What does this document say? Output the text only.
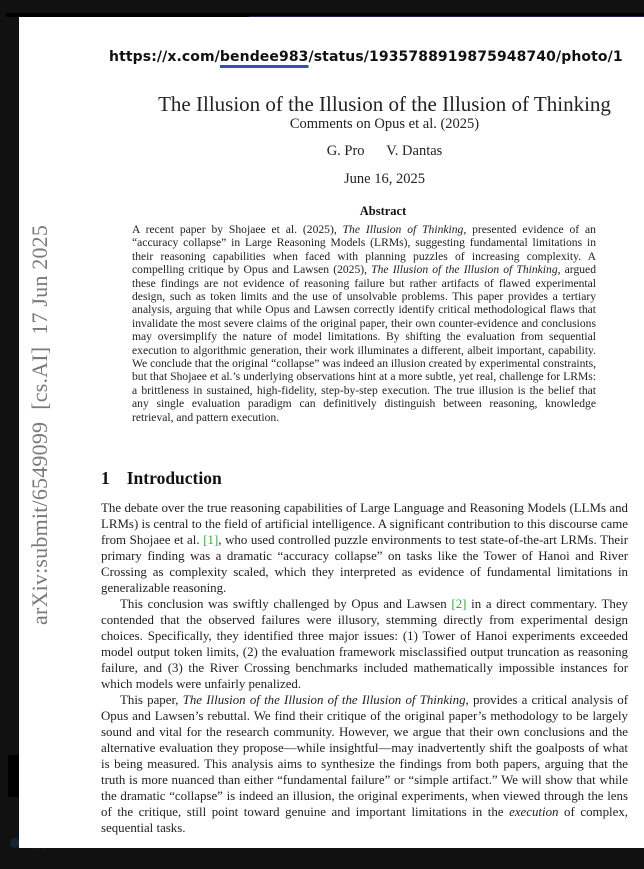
https://x.com/bendee983/status/1935788919875948740/photo/1
arXiv:submit/6549099[cs.AI]17 Jun 2025
The Illusion of the Illusion of the Illusion of Thinking
Comments on Opus et al. (2025)
G. Pro V. Dantas
June 16, 2025
Abstract

A recent paper by Shojaee et al. (2025), The Illusion of Thinking, presented evidence of an “accuracy collapse” in Large Reasoning Models (LRMs), suggesting fundamental limitations in their reasoning capabilities when faced with planning puzzles of increasing complexity. A compelling critique by Opus and Lawsen (2025), The Illusion of the Illusion of Thinking, argued these findings are not evidence of reasoning failure but rather artifacts of flawed experimental design, such as token limits and the use of unsolvable problems. This paper provides a tertiary analysis, arguing that while Opus and Lawsen correctly identify critical methodological flaws that invalidate the most severe claims of the original paper, their own counter-evidence and conclusions may oversimplify the nature of model limitations. By shifting the evaluation from sequential execution to algorithmic generation, their work illuminates a different, albeit important, capability. We conclude that the original “collapse” was indeed an illusion created by experimental constraints, but that Shojaee et al.’s underlying observations hint at a more subtle, yet real, challenge for LRMs: a brittleness in sustained, high-fidelity, step-by-step execution. The true illusion is the belief that any single evaluation paradigm can definitively distinguish between reasoning, knowledge retrieval, and pattern execution.

1 Introduction

The debate over the true reasoning capabilities of Large Language and Reasoning Models (LLMs and LRMs) is central to the field of artificial intelligence. A significant contribution to this discourse came from Shojaee et al. [1], who used controlled puzzle environments to test state-of-the-art LRMs. Their primary finding was a dramatic “accuracy collapse” on tasks like the Tower of Hanoi and River Crossing as complexity scaled, which they interpreted as evidence of fundamental limitations in generalizable reasoning.

This conclusion was swiftly challenged by Opus and Lawsen [2] in a direct commentary. They contended that the observed failures were illusory, stemming directly from experimental design choices. Specifically, they identified three major issues: (1) Tower of Hanoi experiments exceeded model output token limits, (2) the evaluation framework misclassified output truncation as reasoning failure, and (3) the River Crossing benchmarks included mathematically impossible instances for which models were unfairly penalized.

This paper, The Illusion of the Illusion of the Illusion of Thinking, provides a critical analysis of Opus and Lawsen’s rebuttal. We find their critique of the original paper’s methodology to be largely sound and vital for the research community. However, we argue that their own conclusions and the alternative evaluation they propose—while insightful—may inadvertently shift the goalposts of what is being measured. This analysis aims to synthesize the findings from both papers, arguing that the truth is more nuanced than either “fundamental failure” or “simple artifact.” We will show that while the dramatic “collapse” is indeed an illusion, the original experiments, when viewed through the lens of the critique, still point toward genuine and important limitations in the execution of complex, sequential tasks.
